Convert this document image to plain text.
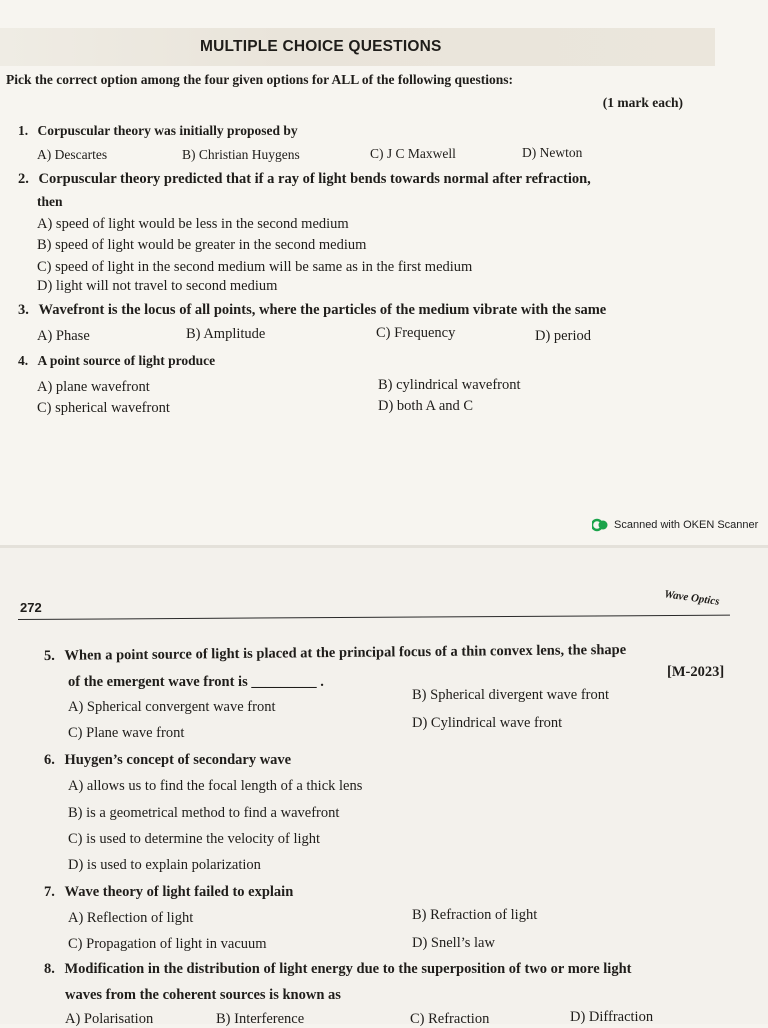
MULTIPLE CHOICE QUESTIONS
Pick the correct option among the four given options for ALL of the following questions:
(1 mark each)
1. Corpuscular theory was initially proposed by
A) Descartes	B) Christian Huygens	C) J C Maxwell	D) Newton
2. Corpuscular theory predicted that if a ray of light bends towards normal after refraction,
then
A) speed of light would be less in the second medium
B) speed of light would be greater in the second medium
C) speed of light in the second medium will be same as in the first medium
D) light will not travel to second medium
3. Wavefront is the locus of all points, where the particles of the medium vibrate with the same
A) Phase	B) Amplitude	C) Frequency	D) period
4. A point source of light produce
A) plane wavefront	B) cylindrical wavefront
C) spherical wavefront	D) both A and C
Scanned with OKEN Scanner
272	Wave Optics
5. When a point source of light is placed at the principal focus of a thin convex lens, the shape
of the emergent wave front is _________ .
[M-2023]
A) Spherical convergent wave front
B) Spherical divergent wave front
C) Plane wave front
D) Cylindrical wave front
6. Huygen’s concept of secondary wave
A) allows us to find the focal length of a thick lens
B) is a geometrical method to find a wavefront
C) is used to determine the velocity of light
D) is used to explain polarization
7. Wave theory of light failed to explain
A) Reflection of light	B) Refraction of light
C) Propagation of light in vacuum	D) Snell’s law
8. Modification in the distribution of light energy due to the superposition of two or more light
waves from the coherent sources is known as
A) Polarisation	B) Interference	C) Refraction	D) Diffraction
